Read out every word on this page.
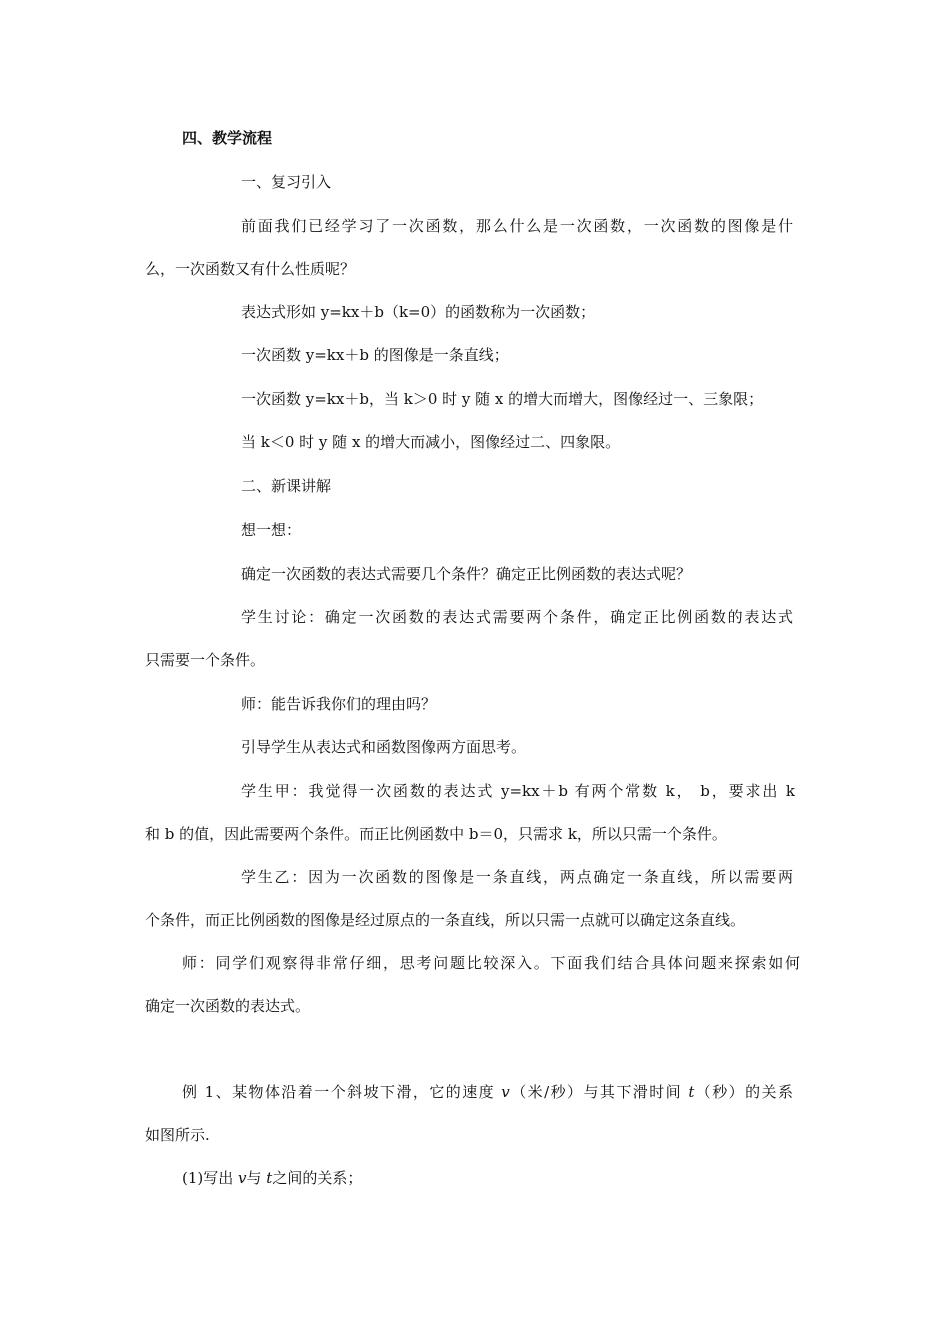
四、教学流程

一、复习引入

前面我们已经学习了一次函数，那么什么是一次函数，一次函数的图像是什

么，一次函数又有什么性质呢？

表达式形如 y=kx＋b（k=0）的函数称为一次函数；

一次函数 y=kx＋b 的图像是一条直线；

一次函数 y=kx＋b，当 k＞0 时 y 随 x 的增大而增大，图像经过一、三象限；

当 k＜0 时 y 随 x 的增大而减小，图像经过二、四象限。

二、新课讲解

想一想：

确定一次函数的表达式需要几个条件？确定正比例函数的表达式呢？

学生讨论：确定一次函数的表达式需要两个条件，确定正比例函数的表达式

只需要一个条件。

师：能告诉我你们的理由吗？

引导学生从表达式和函数图像两方面思考。

学生甲：我觉得一次函数的表达式 y=kx＋b 有两个常数 k， b，要求出 k

和 b 的值，因此需要两个条件。而正比例函数中 b＝0，只需求 k，所以只需一个条件。

学生乙：因为一次函数的图像是一条直线，两点确定一条直线，所以需要两

个条件，而正比例函数的图像是经过原点的一条直线，所以只需一点就可以确定这条直线。

师：同学们观察得非常仔细，思考问题比较深入。下面我们结合具体问题来探索如何

确定一次函数的表达式。

例 1、某物体沿着一个斜坡下滑，它的速度 v（米/秒）与其下滑时间 t（秒）的关系

如图所示.

(1)写出 v与 t之间的关系；
